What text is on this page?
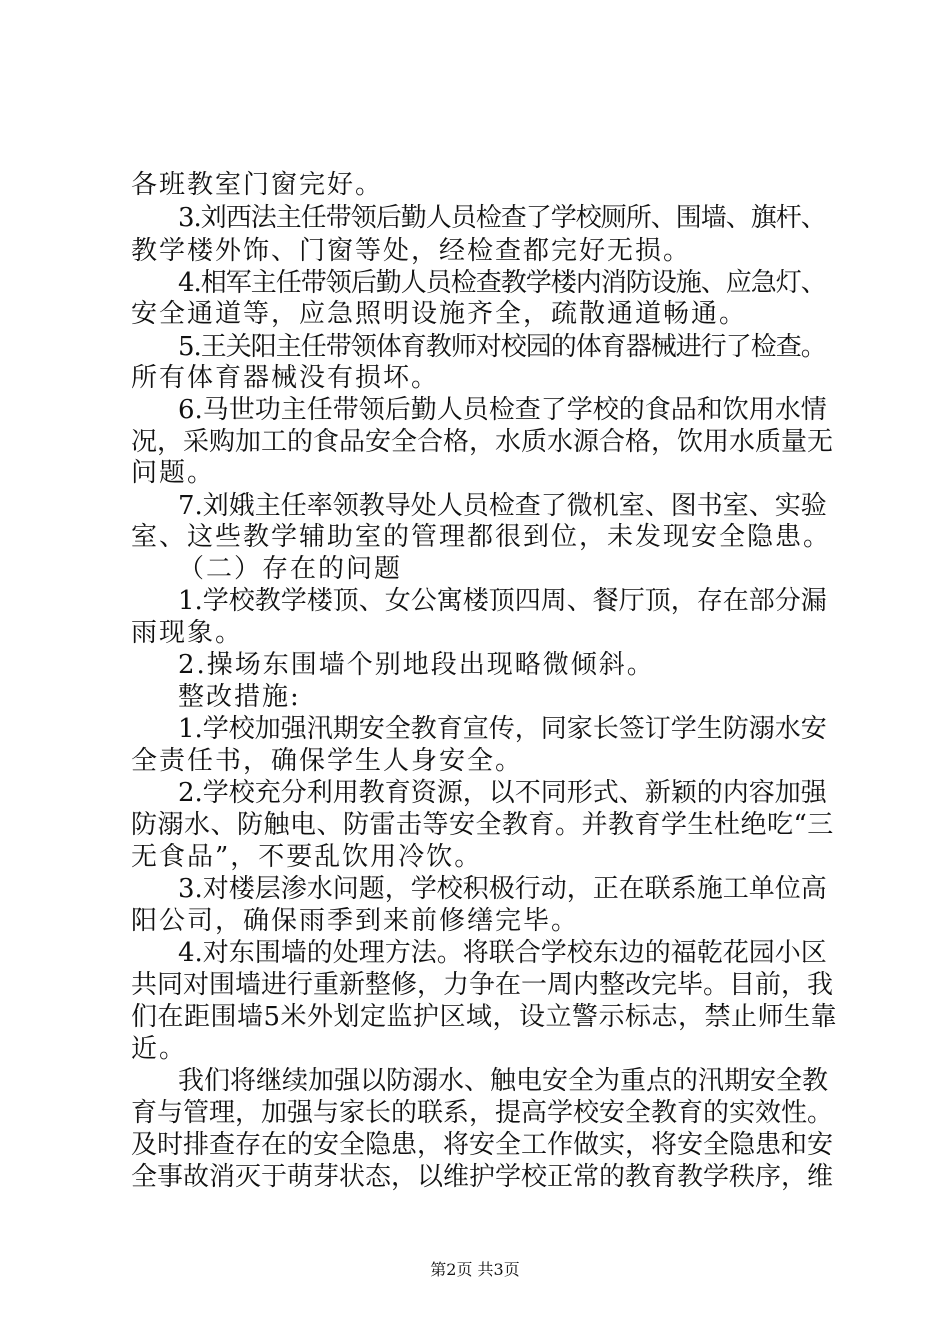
各班教室门窗完好。
3.刘西法主任带领后勤人员检查了学校厕所、围墙、旗杆、
教学楼外饰、门窗等处，经检查都完好无损。
4.相军主任带领后勤人员检查教学楼内消防设施、应急灯、
安全通道等，应急照明设施齐全，疏散通道畅通。
5.王关阳主任带领体育教师对校园的体育器械进行了检查。
所有体育器械没有损坏。
6.马世功主任带领后勤人员检查了学校的食品和饮用水情
况，采购加工的食品安全合格，水质水源合格，饮用水质量无
问题。
7.刘娥主任率领教导处人员检查了微机室、图书室、实验
室、这些教学辅助室的管理都很到位，未发现安全隐患。
（二）存在的问题
1.学校教学楼顶、女公寓楼顶四周、餐厅顶，存在部分漏
雨现象。
2.操场东围墙个别地段出现略微倾斜。
整改措施:
1.学校加强汛期安全教育宣传，同家长签订学生防溺水安
全责任书，确保学生人身安全。
2.学校充分利用教育资源，以不同形式、新颖的内容加强
防溺水、防触电、防雷击等安全教育。并教育学生杜绝吃“三
无食品”，不要乱饮用冷饮。
3.对楼层渗水问题，学校积极行动，正在联系施工单位高
阳公司，确保雨季到来前修缮完毕。
4.对东围墙的处理方法。将联合学校东边的福乾花园小区
共同对围墙进行重新整修，力争在一周内整改完毕。目前，我
们在距围墙5米外划定监护区域，设立警示标志，禁止师生靠
近。
我们将继续加强以防溺水、触电安全为重点的汛期安全教
育与管理，加强与家长的联系，提高学校安全教育的实效性。
及时排查存在的安全隐患，将安全工作做实，将安全隐患和安
全事故消灭于萌芽状态，以维护学校正常的教育教学秩序，维
第2页 共3页
